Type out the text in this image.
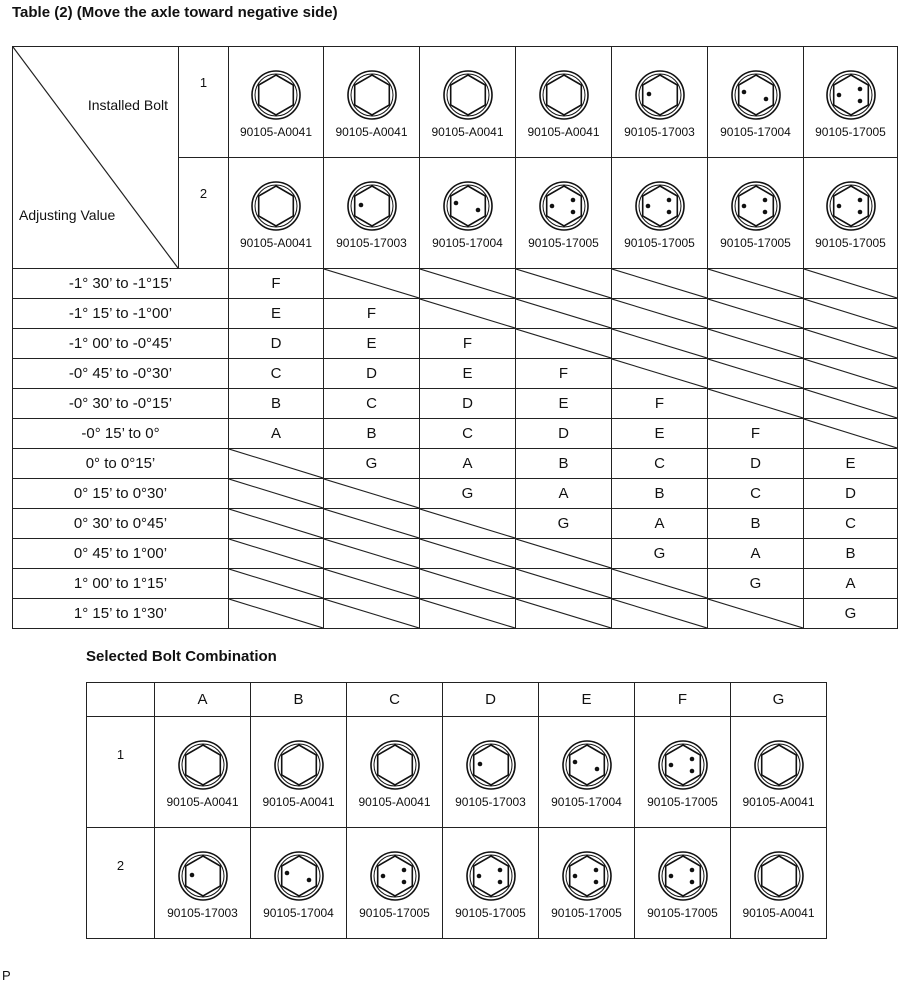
Table (2) (Move the axle toward negative side)
Installed Bolt
Adjusting Value	1	90105-A0041	90105-A0041	90105-A0041	90105-A0041	90105-17003	90105-17004	90105-17005

	2	90105-A0041	90105-17003	90105-17004	90105-17005	90105-17005	90105-17005	90105-17005

-1° 30’ to -1°15’		F	

-1° 15’ to -1°00’		E	F	

-1° 00’ to -0°45’		D	E	F	

-0° 45’ to -0°30’		C	D	E	F	

-0° 30’ to -0°15’		B	C	D	E	F	

-0° 15’ to 0°		A	B	C	D	E	F	

0° to 0°15’			G	A	B	C	D	E
0° 15’ to 0°30’				G	A	B	C	D
0° 30’ to 0°45’					G	A	B	C
0° 45’ to 1°00’						G	A	B
1° 00’ to 1°15’							G	A
1° 15’ to 1°30’								G
Selected Bolt Combination
	A	B	C	D	E	F	G
1	90105-A0041	90105-A0041	90105-A0041	90105-17003	90105-17004	90105-17005	90105-A0041

2	90105-17003	90105-17004	90105-17005	90105-17005	90105-17005	90105-17005	90105-A0041
P
